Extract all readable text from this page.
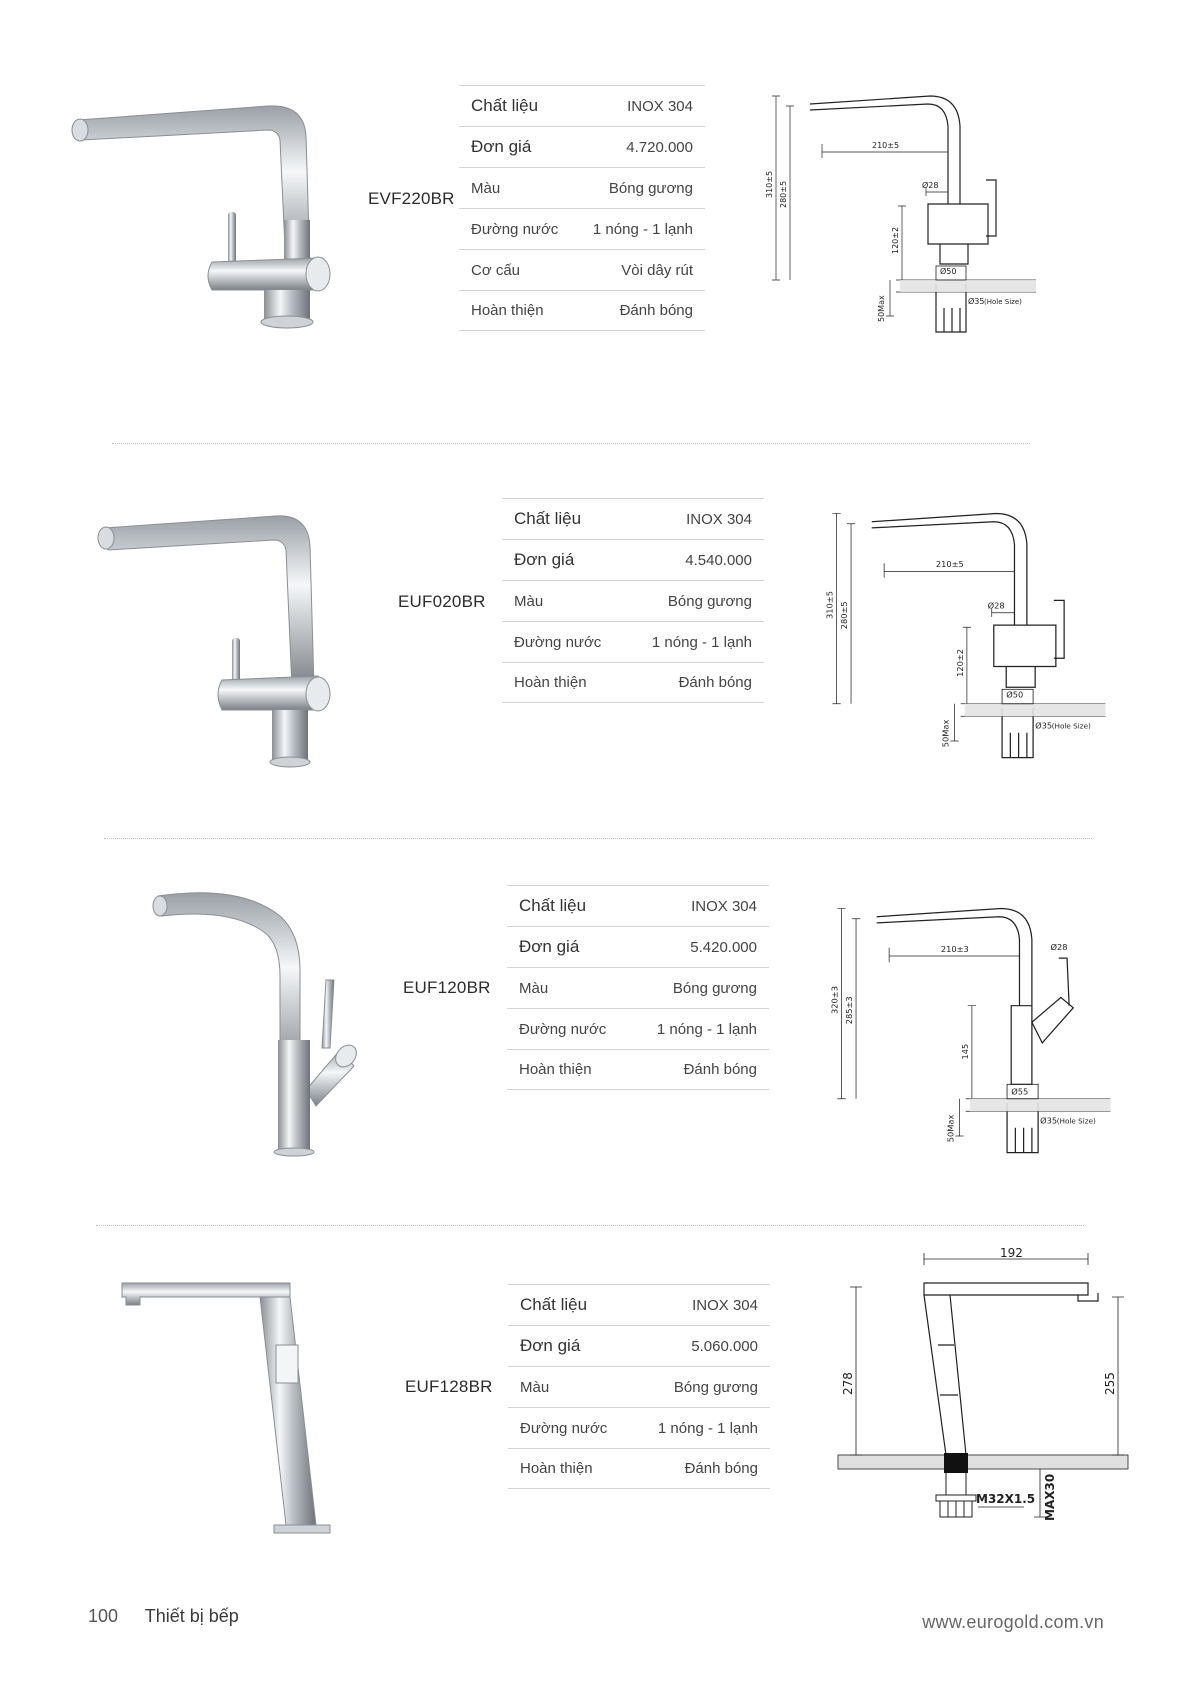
EVF220BR
Chất liệu	INOX 304
Đơn giá	4.720.000
Màu	Bóng gương
Đường nước 1 nóng - 1 lạnh
Cơ cấu	Vòi dây rút
Hoàn thiện	Đánh bóng
310±5 280±5
210±5
Ø28
120±2
Ø50
Ø35 (Hole Size)
50Max
EUF020BR
Chất liệu	INOX 304
Đơn giá	4.540.000
Màu	Bóng gương
Đường nước	1 nóng - 1 lạnh
Hoàn thiện	Đánh bóng
310±5 280±5
210±5
Ø28
120±2
Ø50
Ø35 (Hole Size)
50Max
EUF120BR
Chất liệu	INOX 304
Đơn giá	5.420.000
Màu	Bóng gương
Đường nước	1 nóng - 1 lạnh
Hoàn thiện	Đánh bóng
320±3 285±3
210±3	Ø28
145
Ø55
Ø35 (Hole Size)
50Max
EUF128BR
Chất liệu	INOX 304
Đơn giá	5.060.000
Màu	Bóng gương
Đường nước	1 nóng - 1 lạnh
Hoàn thiện	Đánh bóng
192
278	255
M32X1.5 MAX30
100 Thiết bị bếp	www.eurogold.com.vn
